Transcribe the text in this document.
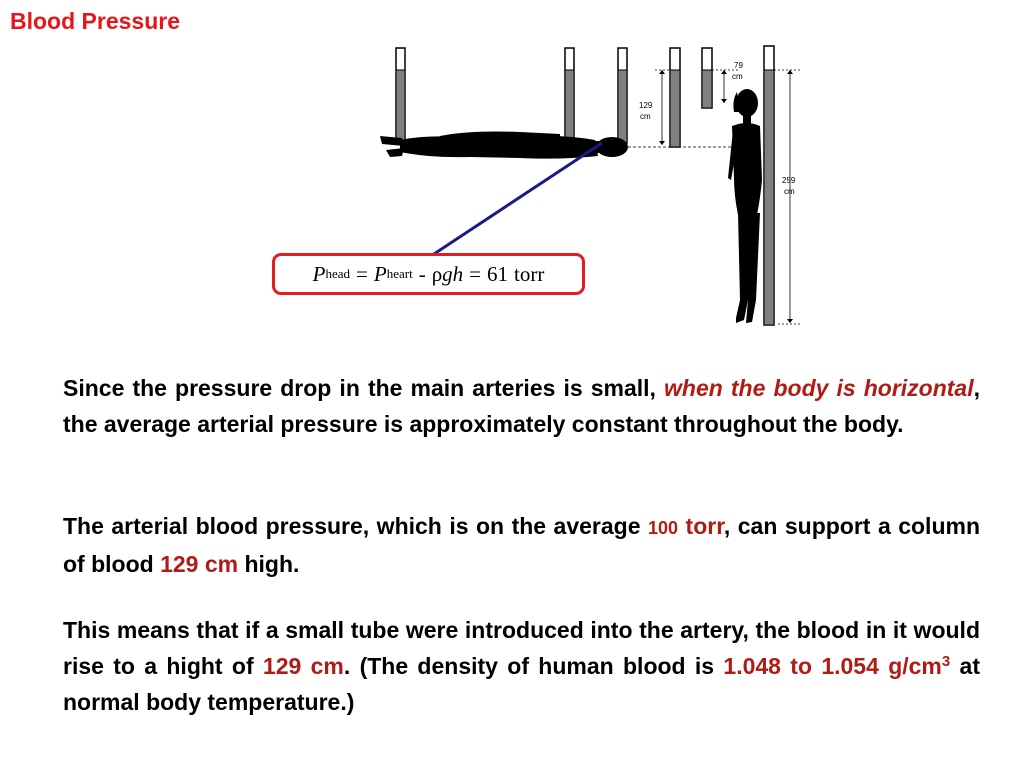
Blood Pressure
79
cm
129
cm
259
cm
P head = P heart - ρ g h = 61 torr
Since the pressure drop in the main arteries is small, when the body is horizontal, the average arterial pressure is approximately constant throughout the body.
The arterial blood pressure, which is on the average 100 torr, can support a column of blood 129 cm high.
This means that if a small tube were introduced into the artery, the blood in it would rise to a hight of 129 cm. (The density of human blood is 1.048 to 1.054 $g/cm^3$ at normal body temperature.)
